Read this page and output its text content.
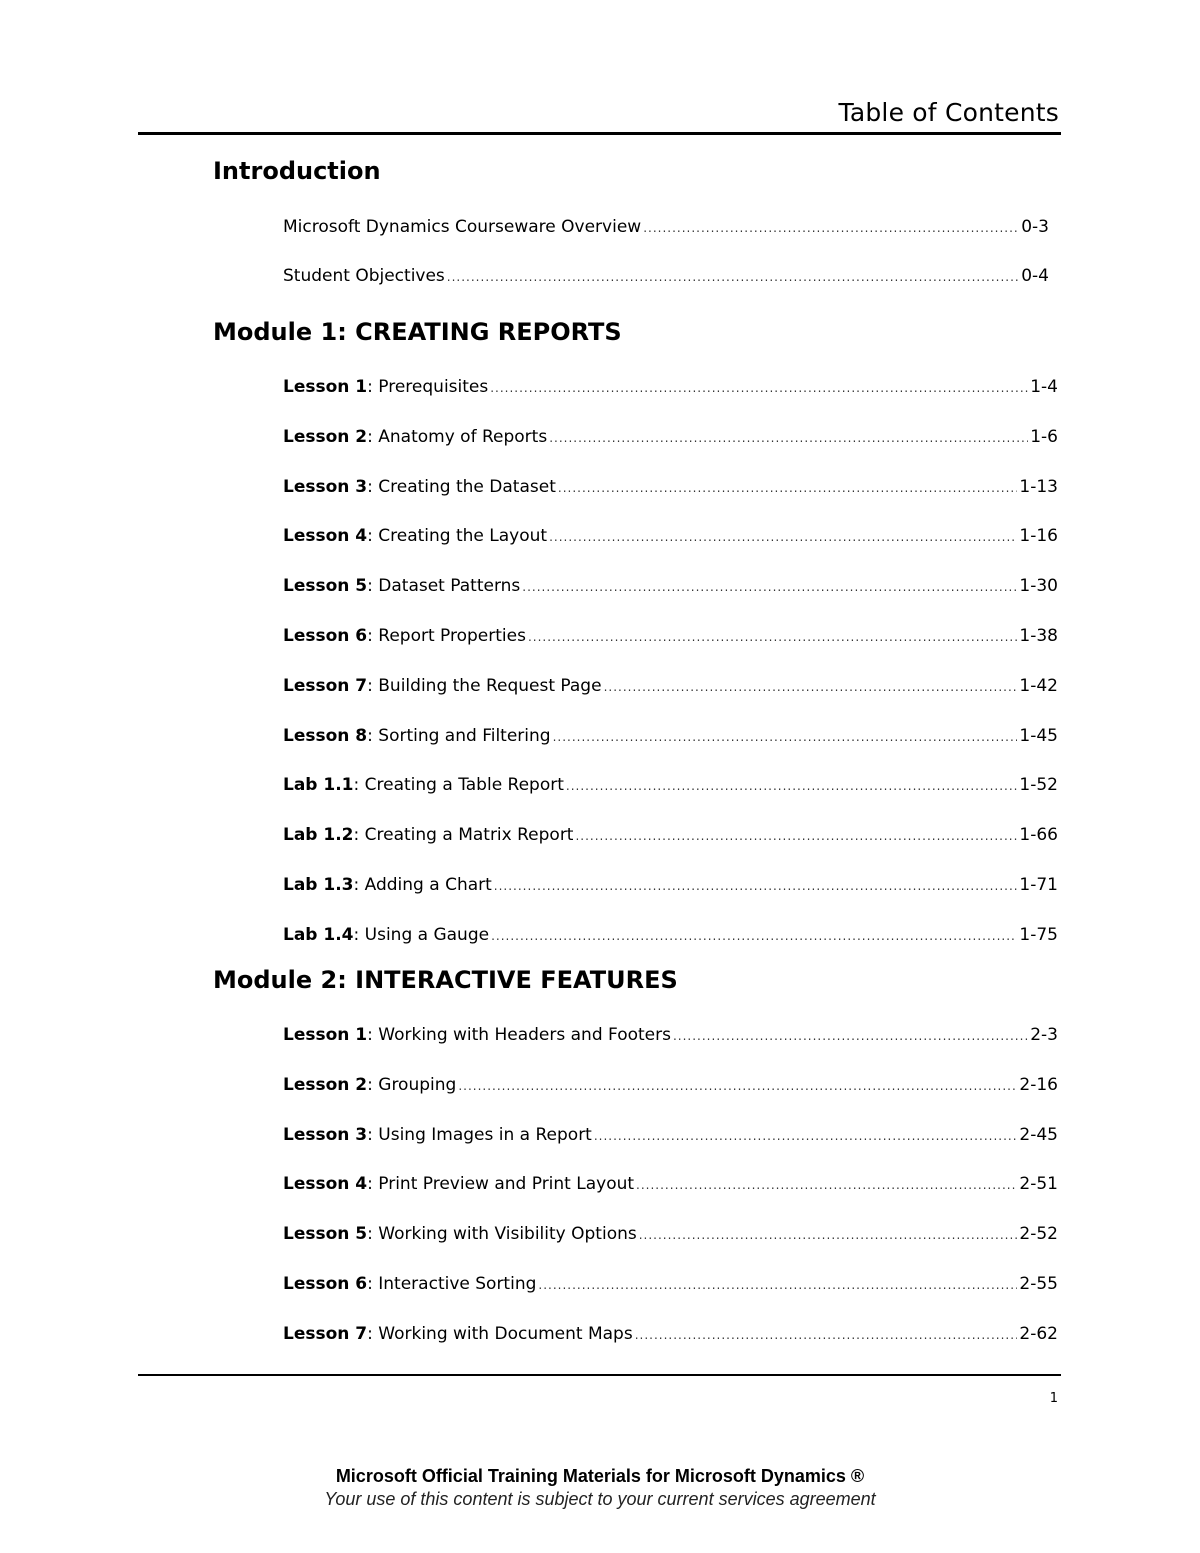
Table of Contents
Introduction
Microsoft Dynamics Courseware Overview .....	0-3
Student Objectives .....	0-4
Module 1: CREATING REPORTS
Lesson 1 : Prerequisites .....	1-4
Lesson 2 : Anatomy of Reports .....	1-6
Lesson 3 : Creating the Dataset .....	1-13
Lesson 4 : Creating the Layout .....	1-16
Lesson 5 : Dataset Patterns .....	1-30
Lesson 6 : Report Properties .....	1-38
Lesson 7 : Building the Request Page .....	1-42
Lesson 8 : Sorting and Filtering .....	1-45
Lab 1.1 : Creating a Table Report .....	1-52
Lab 1.2 : Creating a Matrix Report .....	1-66
Lab 1.3 : Adding a Chart .....	1-71
Lab 1.4 : Using a Gauge .....	1-75
Module 2: INTERACTIVE FEATURES
Lesson 1 : Working with Headers and Footers .....	2-3
Lesson 2 : Grouping .....	2-16
Lesson 3 : Using Images in a Report .....	2-45
Lesson 4 : Print Preview and Print Layout .....	2-51
Lesson 5 : Working with Visibility Options .....	2-52
Lesson 6 : Interactive Sorting .....	2-55
Lesson 7 : Working with Document Maps .....	2-62
1
Microsoft Official Training Materials for Microsoft Dynamics ®
Your use of this content is subject to your current services agreement
